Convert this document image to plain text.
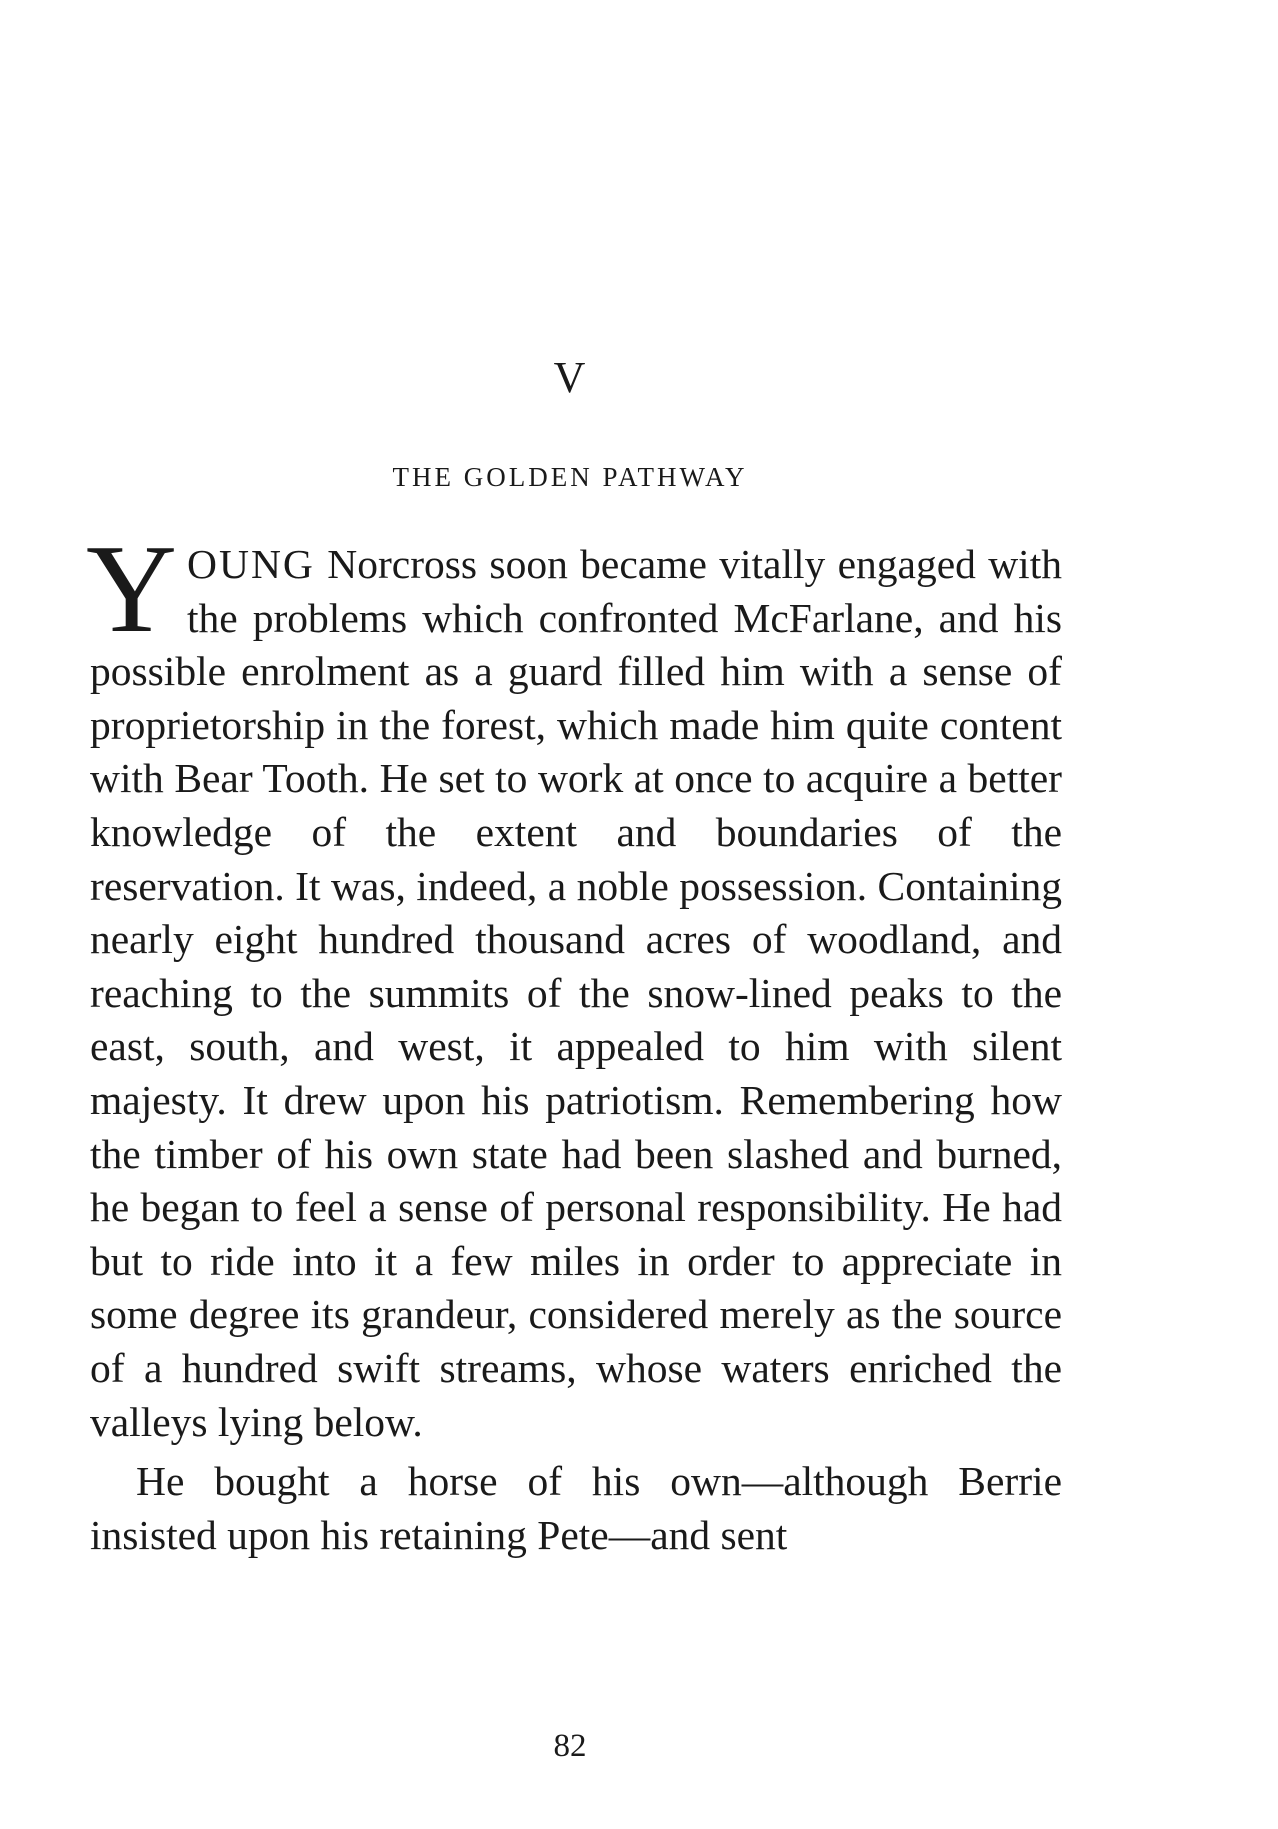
V
THE GOLDEN PATHWAY

YOUNG Norcross soon became vitally engaged with the problems which confronted McFarlane, and his possible enrolment as a guard filled him with a sense of proprietorship in the forest, which made him quite content with Bear Tooth. He set to work at once to acquire a better knowledge of the extent and boundaries of the reservation. It was, indeed, a noble possession. Containing nearly eight hundred thousand acres of woodland, and reaching to the summits of the snow-lined peaks to the east, south, and west, it appealed to him with silent majesty. It drew upon his patriotism. Remembering how the timber of his own state had been slashed and burned, he began to feel a sense of personal responsibility. He had but to ride into it a few miles in order to appreciate in some degree its grandeur, considered merely as the source of a hundred swift streams, whose waters enriched the valleys lying below.

He bought a horse of his own—although Berrie insisted upon his retaining Pete—and sent

82
